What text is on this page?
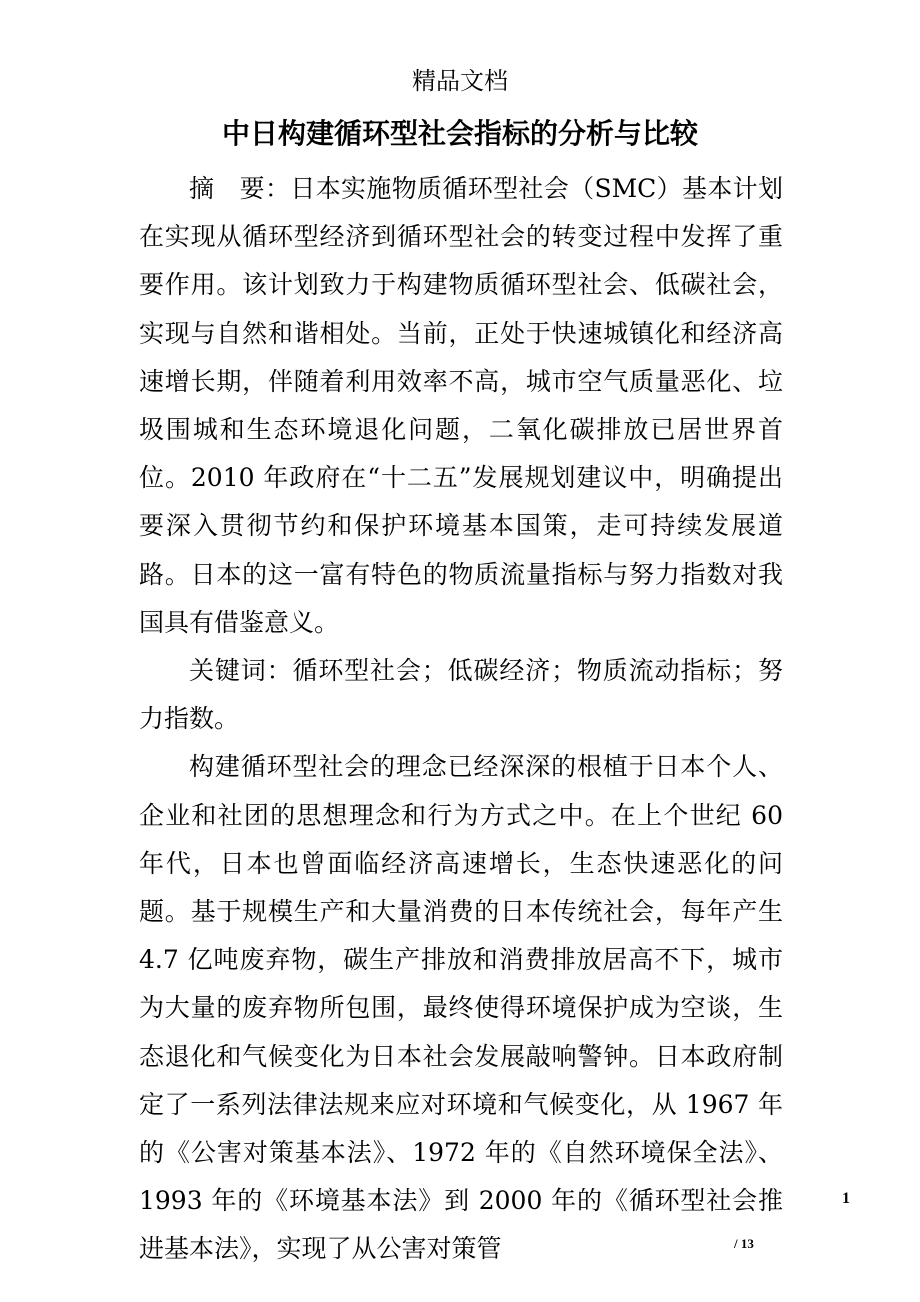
精品文档
中日构建循环型社会指标的分析与比较

摘　要：日本实施物质循环型社会（SMC）基本计划在实现从循环型经济到循环型社会的转变过程中发挥了重要作用。该计划致力于构建物质循环型社会、低碳社会，实现与自然和谐相处。当前，正处于快速城镇化和经济高速增长期，伴随着利用效率不高，城市空气质量恶化、垃圾围城和生态环境退化问题，二氧化碳排放已居世界首位。2010 年政府在“十二五”发展规划建议中，明确提出要深入贯彻节约和保护环境基本国策，走可持续发展道路。日本的这一富有特色的物质流量指标与努力指数对我国具有借鉴意义。

关键词：循环型社会；低碳经济；物质流动指标；努力指数。

构建循环型社会的理念已经深深的根植于日本个人、企业和社团的思想理念和行为方式之中。在上个世纪 60 年代，日本也曾面临经济高速增长，生态快速恶化的问题。基于规模生产和大量消费的日本传统社会，每年产生 4.7 亿吨废弃物，碳生产排放和消费排放居高不下，城市为大量的废弃物所包围，最终使得环境保护成为空谈，生态退化和气候变化为日本社会发展敲响警钟。日本政府制定了一系列法律法规来应对环境和气候变化，从 1967 年的《公害对策基本法》、1972 年的《自然环境保全法》、1993 年的《环境基本法》到 2000 年的《循环型社会推进基本法》，实现了从公害对策管

1
/ 13
